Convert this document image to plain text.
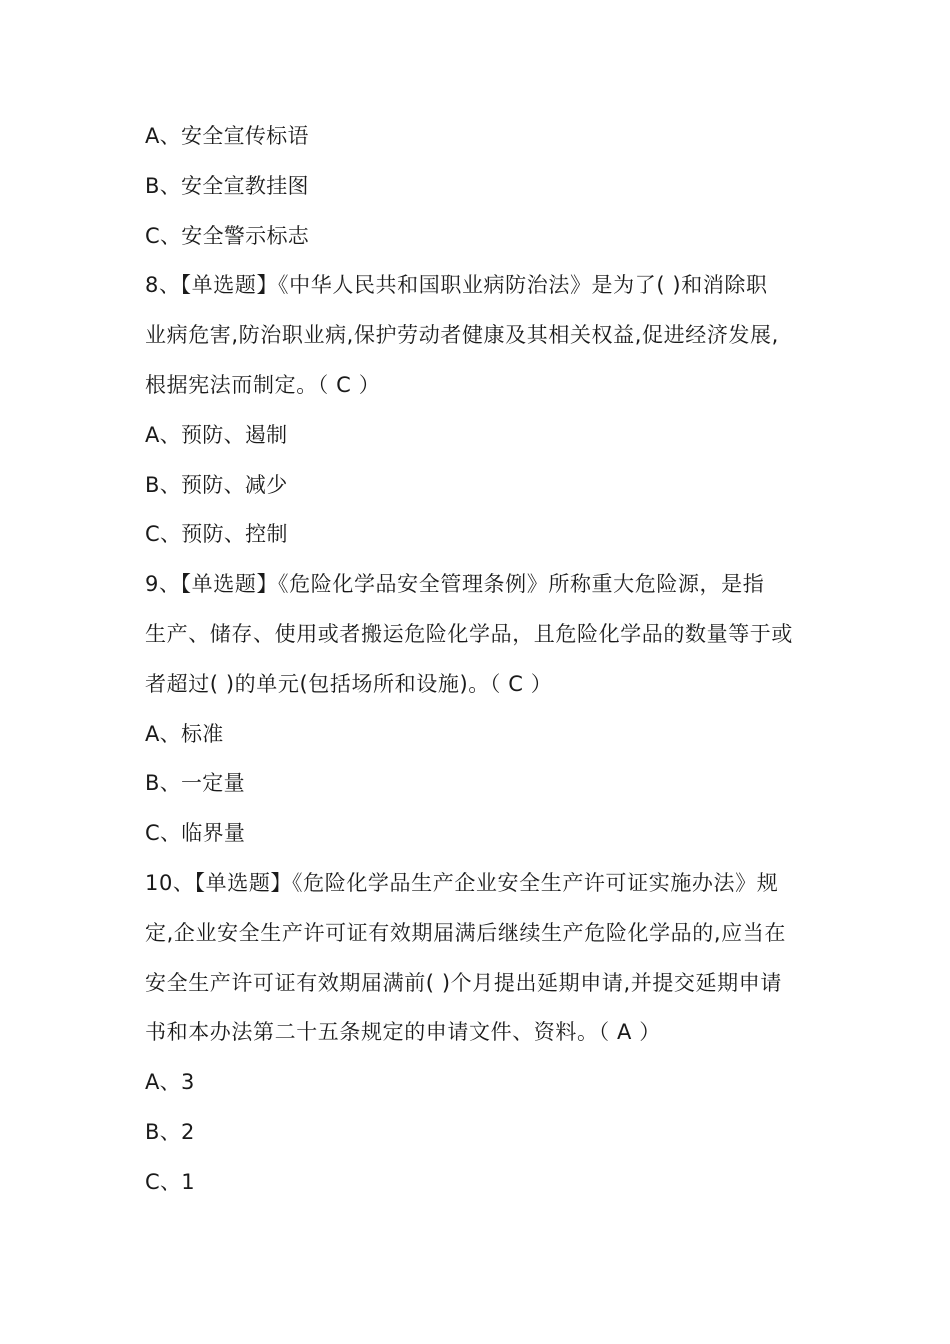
A、安全宣传标语
B、安全宣教挂图
C、安全警示标志
8、【单选题】《中华人民共和国职业病防治法》是为了( )和消除职
业病危害,防治职业病,保护劳动者健康及其相关权益,促进经济发展,
根据宪法而制定。（ C ）
A、预防、遏制
B、预防、减少
C、预防、控制
9、【单选题】《危险化学品安全管理条例》所称重大危险源，是指
生产、储存、使用或者搬运危险化学品，且危险化学品的数量等于或
者超过( )的单元(包括场所和设施)。（ C ）
A、标准
B、一定量
C、临界量
10、【单选题】《危险化学品生产企业安全生产许可证实施办法》规
定,企业安全生产许可证有效期届满后继续生产危险化学品的,应当在
安全生产许可证有效期届满前( )个月提出延期申请,并提交延期申请
书和本办法第二十五条规定的申请文件、资料。（ A ）
A、3
B、2
C、1
